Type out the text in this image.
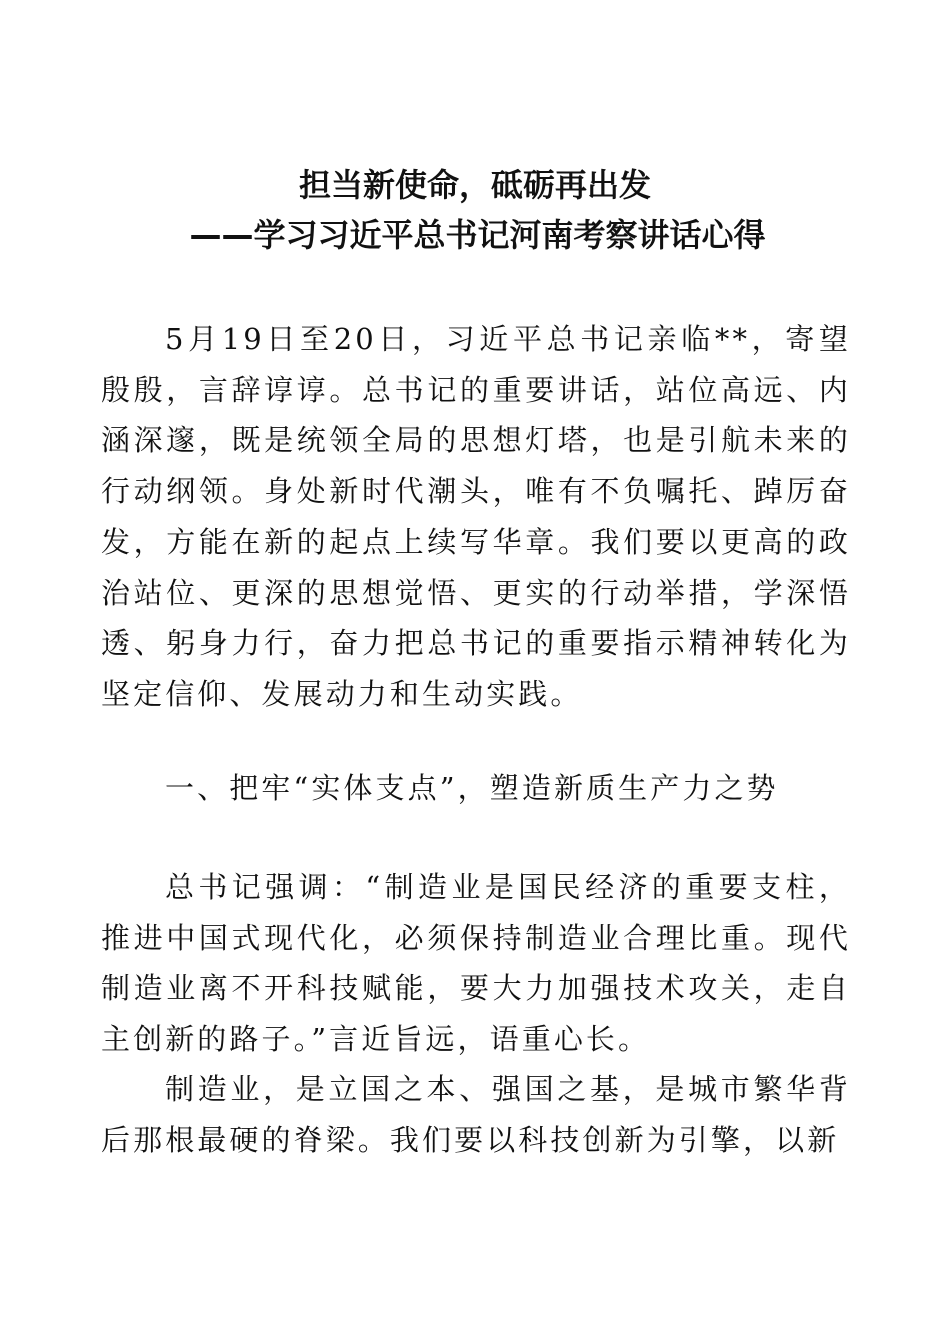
担当新使命，砥砺再出发
——学习习近平总书记河南考察讲话心得

5月19日至20日，习近平总书记亲临**，寄望殷殷，言辞谆谆。总书记的重要讲话，站位高远、内涵深邃，既是统领全局的思想灯塔，也是引航未来的行动纲领。身处新时代潮头，唯有不负嘱托、踔厉奋发，方能在新的起点上续写华章。我们要以更高的政治站位、更深的思想觉悟、更实的行动举措，学深悟透、躬身力行，奋力把总书记的重要指示精神转化为坚定信仰、发展动力和生动实践。

一、把牢“实体支点”，塑造新质生产力之势

总书记强调：“制造业是国民经济的重要支柱，推进中国式现代化，必须保持制造业合理比重。现代制造业离不开科技赋能，要大力加强技术攻关，走自主创新的路子。”言近旨远，语重心长。

制造业，是立国之本、强国之基，是城市繁华背后那根最硬的脊梁。我们要以科技创新为引擎，以新
